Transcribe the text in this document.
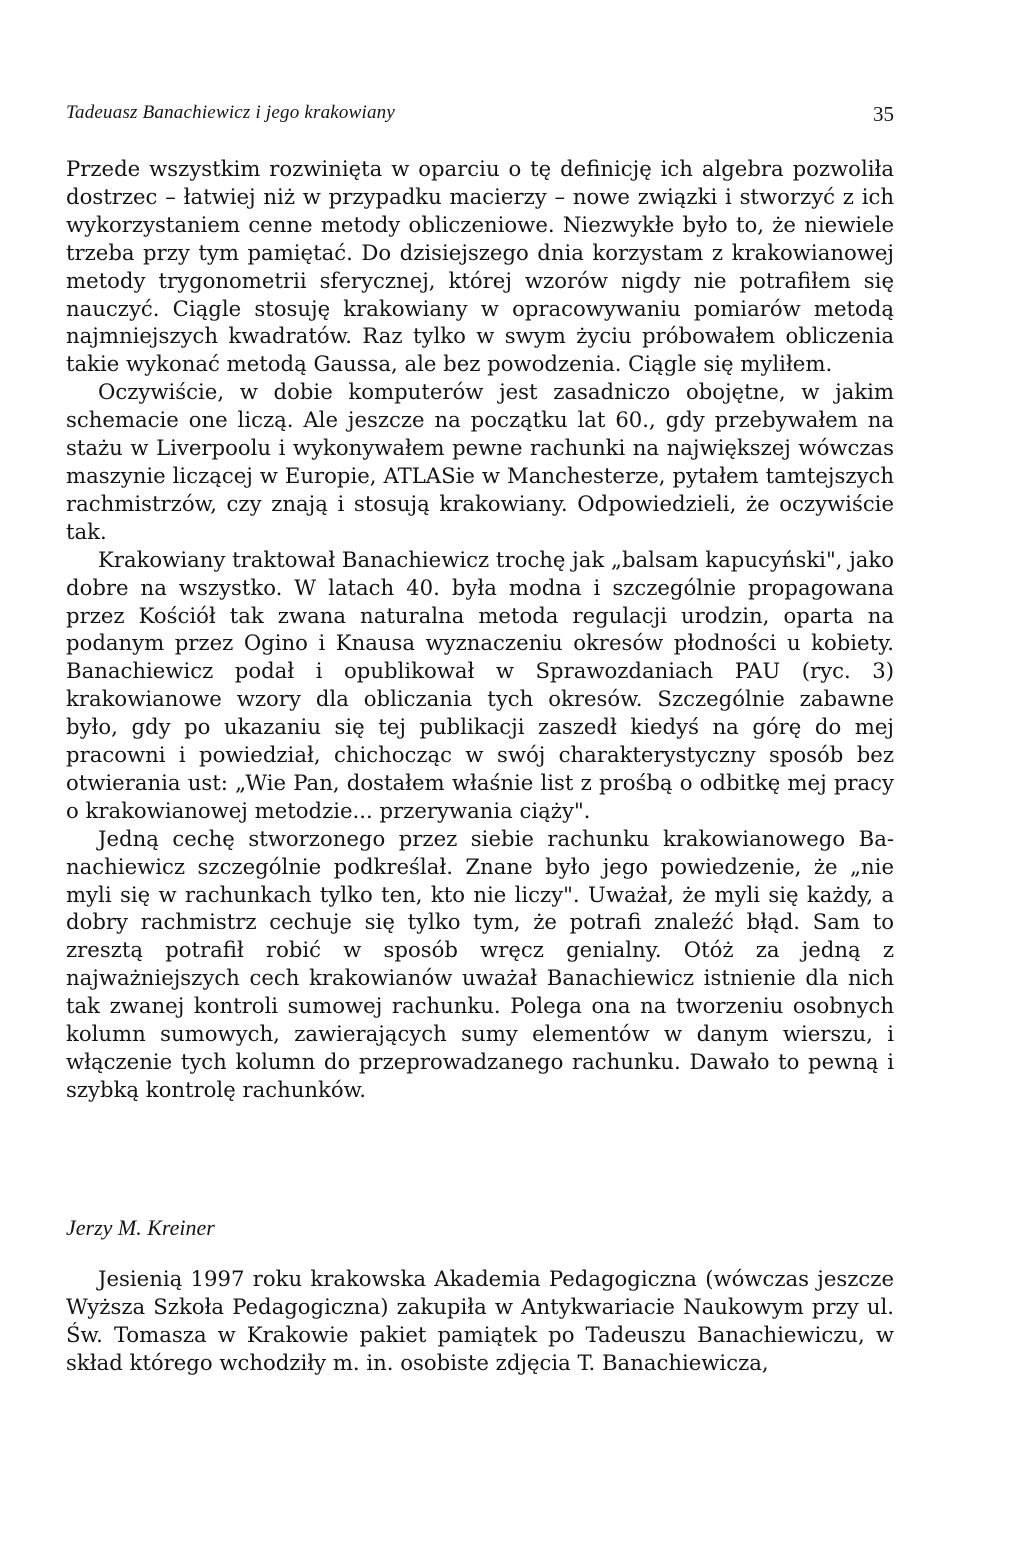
Tadeuasz Banachiewicz i jego krakowiany	35

Przede wszystkim rozwinięta w oparciu o tę definicję ich algebra pozwoliła dostrzec – łatwiej niż w przypadku macierzy – nowe związki i stworzyć z ich wykorzystaniem cenne metody obliczeniowe. Niezwykłe było to, że niewiele trzeba przy tym pamiętać. Do dzisiejszego dnia korzystam z krakowianowej metody trygonometrii sferycznej, której wzorów nigdy nie potrafiłem się nauczyć. Ciągle stosuję krakowiany w opracowywaniu pomiarów metodą najmniejszych kwadratów. Raz tylko w swym życiu próbowałem obliczenia takie wykonać metodą Gaussa, ale bez powodzenia. Ciągle się myliłem.

Oczywiście, w dobie komputerów jest zasadniczo obojętne, w jakim schemacie one liczą. Ale jeszcze na początku lat 60., gdy przebywałem na stażu w Liverpoolu i wykonywałem pewne rachunki na największej wówczas maszynie liczącej w Europie, ATLASie w Manchesterze, pytałem tamtejszych rachmistrzów, czy znają i stosują krakowiany. Odpowiedzieli, że oczywiście tak.

Krakowiany traktował Banachiewicz trochę jak „balsam kapucyński", jako dobre na wszystko. W latach 40. była modna i szczególnie propagowana przez Kościół tak zwana naturalna metoda regulacji urodzin, oparta na podanym przez Ogino i Knausa wyznaczeniu okresów płodności u kobiety. Banachiewicz podał i opublikował w Sprawozdaniach PAU (ryc. 3) krakowianowe wzory dla obliczania tych okresów. Szczególnie zabawne było, gdy po ukazaniu się tej publikacji zaszedł kiedyś na górę do mej pracowni i powiedział, chichocząc w swój charakterystyczny sposób bez otwierania ust: „Wie Pan, dostałem właśnie list z prośbą o odbitkę mej pracy o krakowianowej metodzie... przerywania ciąży".

Jedną cechę stworzonego przez siebie rachunku krakowianowego Banachiewicz szczególnie podkreślał. Znane było jego powiedzenie, że „nie myli się w rachunkach tylko ten, kto nie liczy". Uważał, że myli się każdy, a dobry rachmistrz cechuje się tylko tym, że potrafi znaleźć błąd. Sam to zresztą potrafił robić w sposób wręcz genialny. Otóż za jedną z najważniejszych cech krakowianów uważał Banachiewicz istnienie dla nich tak zwanej kontroli sumowej rachunku. Polega ona na tworzeniu osobnych kolumn sumowych, zawierających sumy elementów w danym wierszu, i włączenie tych kolumn do przeprowadzanego rachunku. Dawało to pewną i szybką kontrolę rachunków.

Jerzy M. Kreiner

Jesienią 1997 roku krakowska Akademia Pedagogiczna (wówczas jeszcze Wyższa Szkoła Pedagogiczna) zakupiła w Antykwariacie Naukowym przy ul. Św. Tomasza w Krakowie pakiet pamiątek po Tadeuszu Banachiewiczu, w skład którego wchodziły m. in. osobiste zdjęcia T. Banachiewicza,
